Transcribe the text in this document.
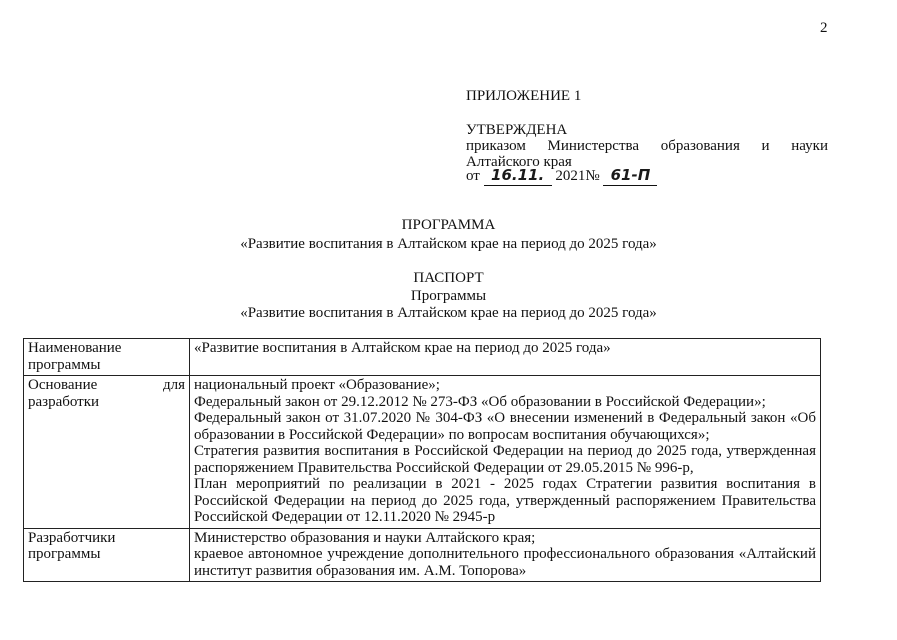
2
ПРИЛОЖЕНИЕ 1
УТВЕРЖДЕНА
приказом Министерства образования и науки Алтайского края
от 16.11. 2021№ 61-П
ПРОГРАММА
«Развитие воспитания в Алтайском крае на период до 2025 года»
ПАСПОРТ
Программы
«Развитие воспитания в Алтайском крае на период до 2025 года»
Наименование программы	«Развитие воспитания в Алтайском крае на период до 2025 года»

Основание для разработки	национальный проект «Образование»;
Федеральный закон от 29.12.2012 № 273-ФЗ «Об образовании в Российской Федерации»;
Федеральный закон от 31.07.2020 № 304-ФЗ «О внесении изменений в Федеральный закон «Об образовании в Российской Федерации» по вопросам воспитания обучающихся»;
Стратегия развития воспитания в Российской Федерации на период до 2025 года, утвержденная распоряжением Правительства Российской Федерации от 29.05.2015 № 996-р,
План мероприятий по реализации в 2021 - 2025 годах Стратегии развития воспитания в Российской Федерации на период до 2025 года, утвержденный распоряжением Правительства Российской Федерации от 12.11.2020 № 2945-р

Разработчики программы	Министерство образования и науки Алтайского края;
краевое автономное учреждение дополнительного профессионального образования «Алтайский институт развития образования им. А.М. Топорова»
